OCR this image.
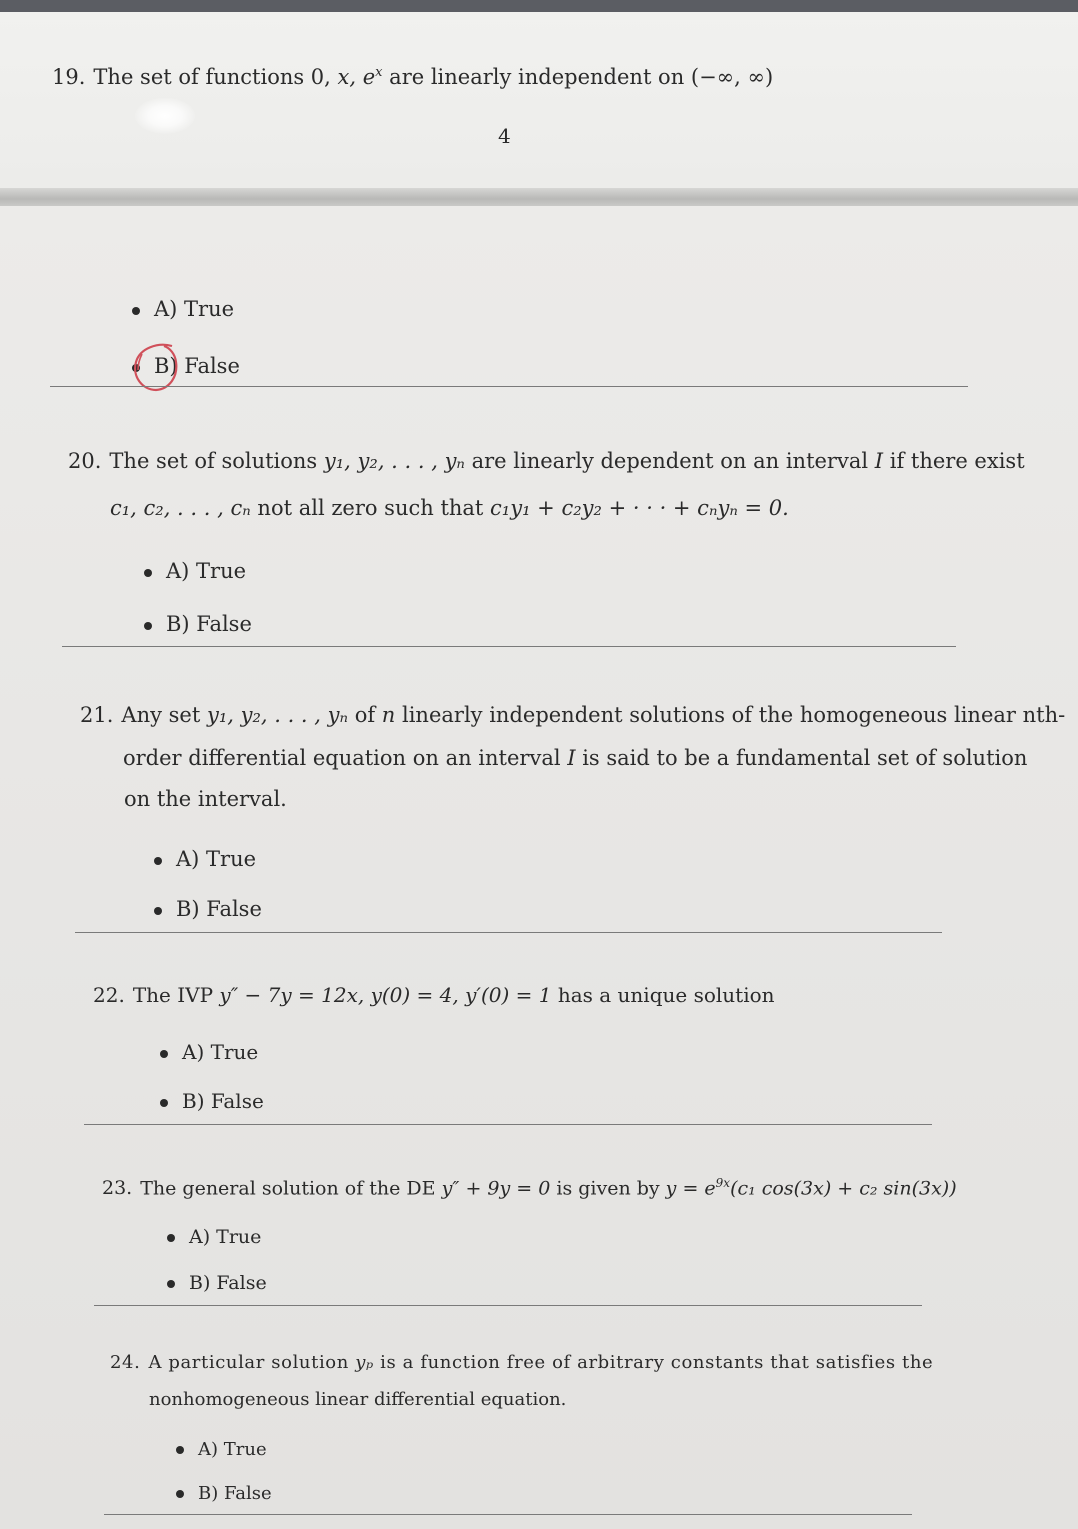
19. The set of functions 0, x, $e^x$ are linearly independent on (−∞, ∞)
4
A) True
B) False
20. The set of solutions y₁, y₂, . . . , yₙ are linearly dependent on an interval I if there exist
c₁, c₂, . . . , cₙ not all zero such that c₁y₁ + c₂y₂ + · · · + cₙyₙ = 0.
A) True
B) False
21. Any set y₁, y₂, . . . , yₙ of n linearly independent solutions of the homogeneous linear nth-
order differential equation on an interval I is said to be a fundamental set of solution
on the interval.
A) True
B) False
22. The IVP y″ − 7y = 12x, y(0) = 4, y′(0) = 1 has a unique solution
A) True
B) False
23. The general solution of the DE y″ + 9y = 0 is given by $y = e^{9x}(c_1$ cos(3x) + c₂ sin(3x))
A) True
B) False
24. A particular solution yₚ is a function free of arbitrary constants that satisfies the
nonhomogeneous linear differential equation.
A) True
B) False
